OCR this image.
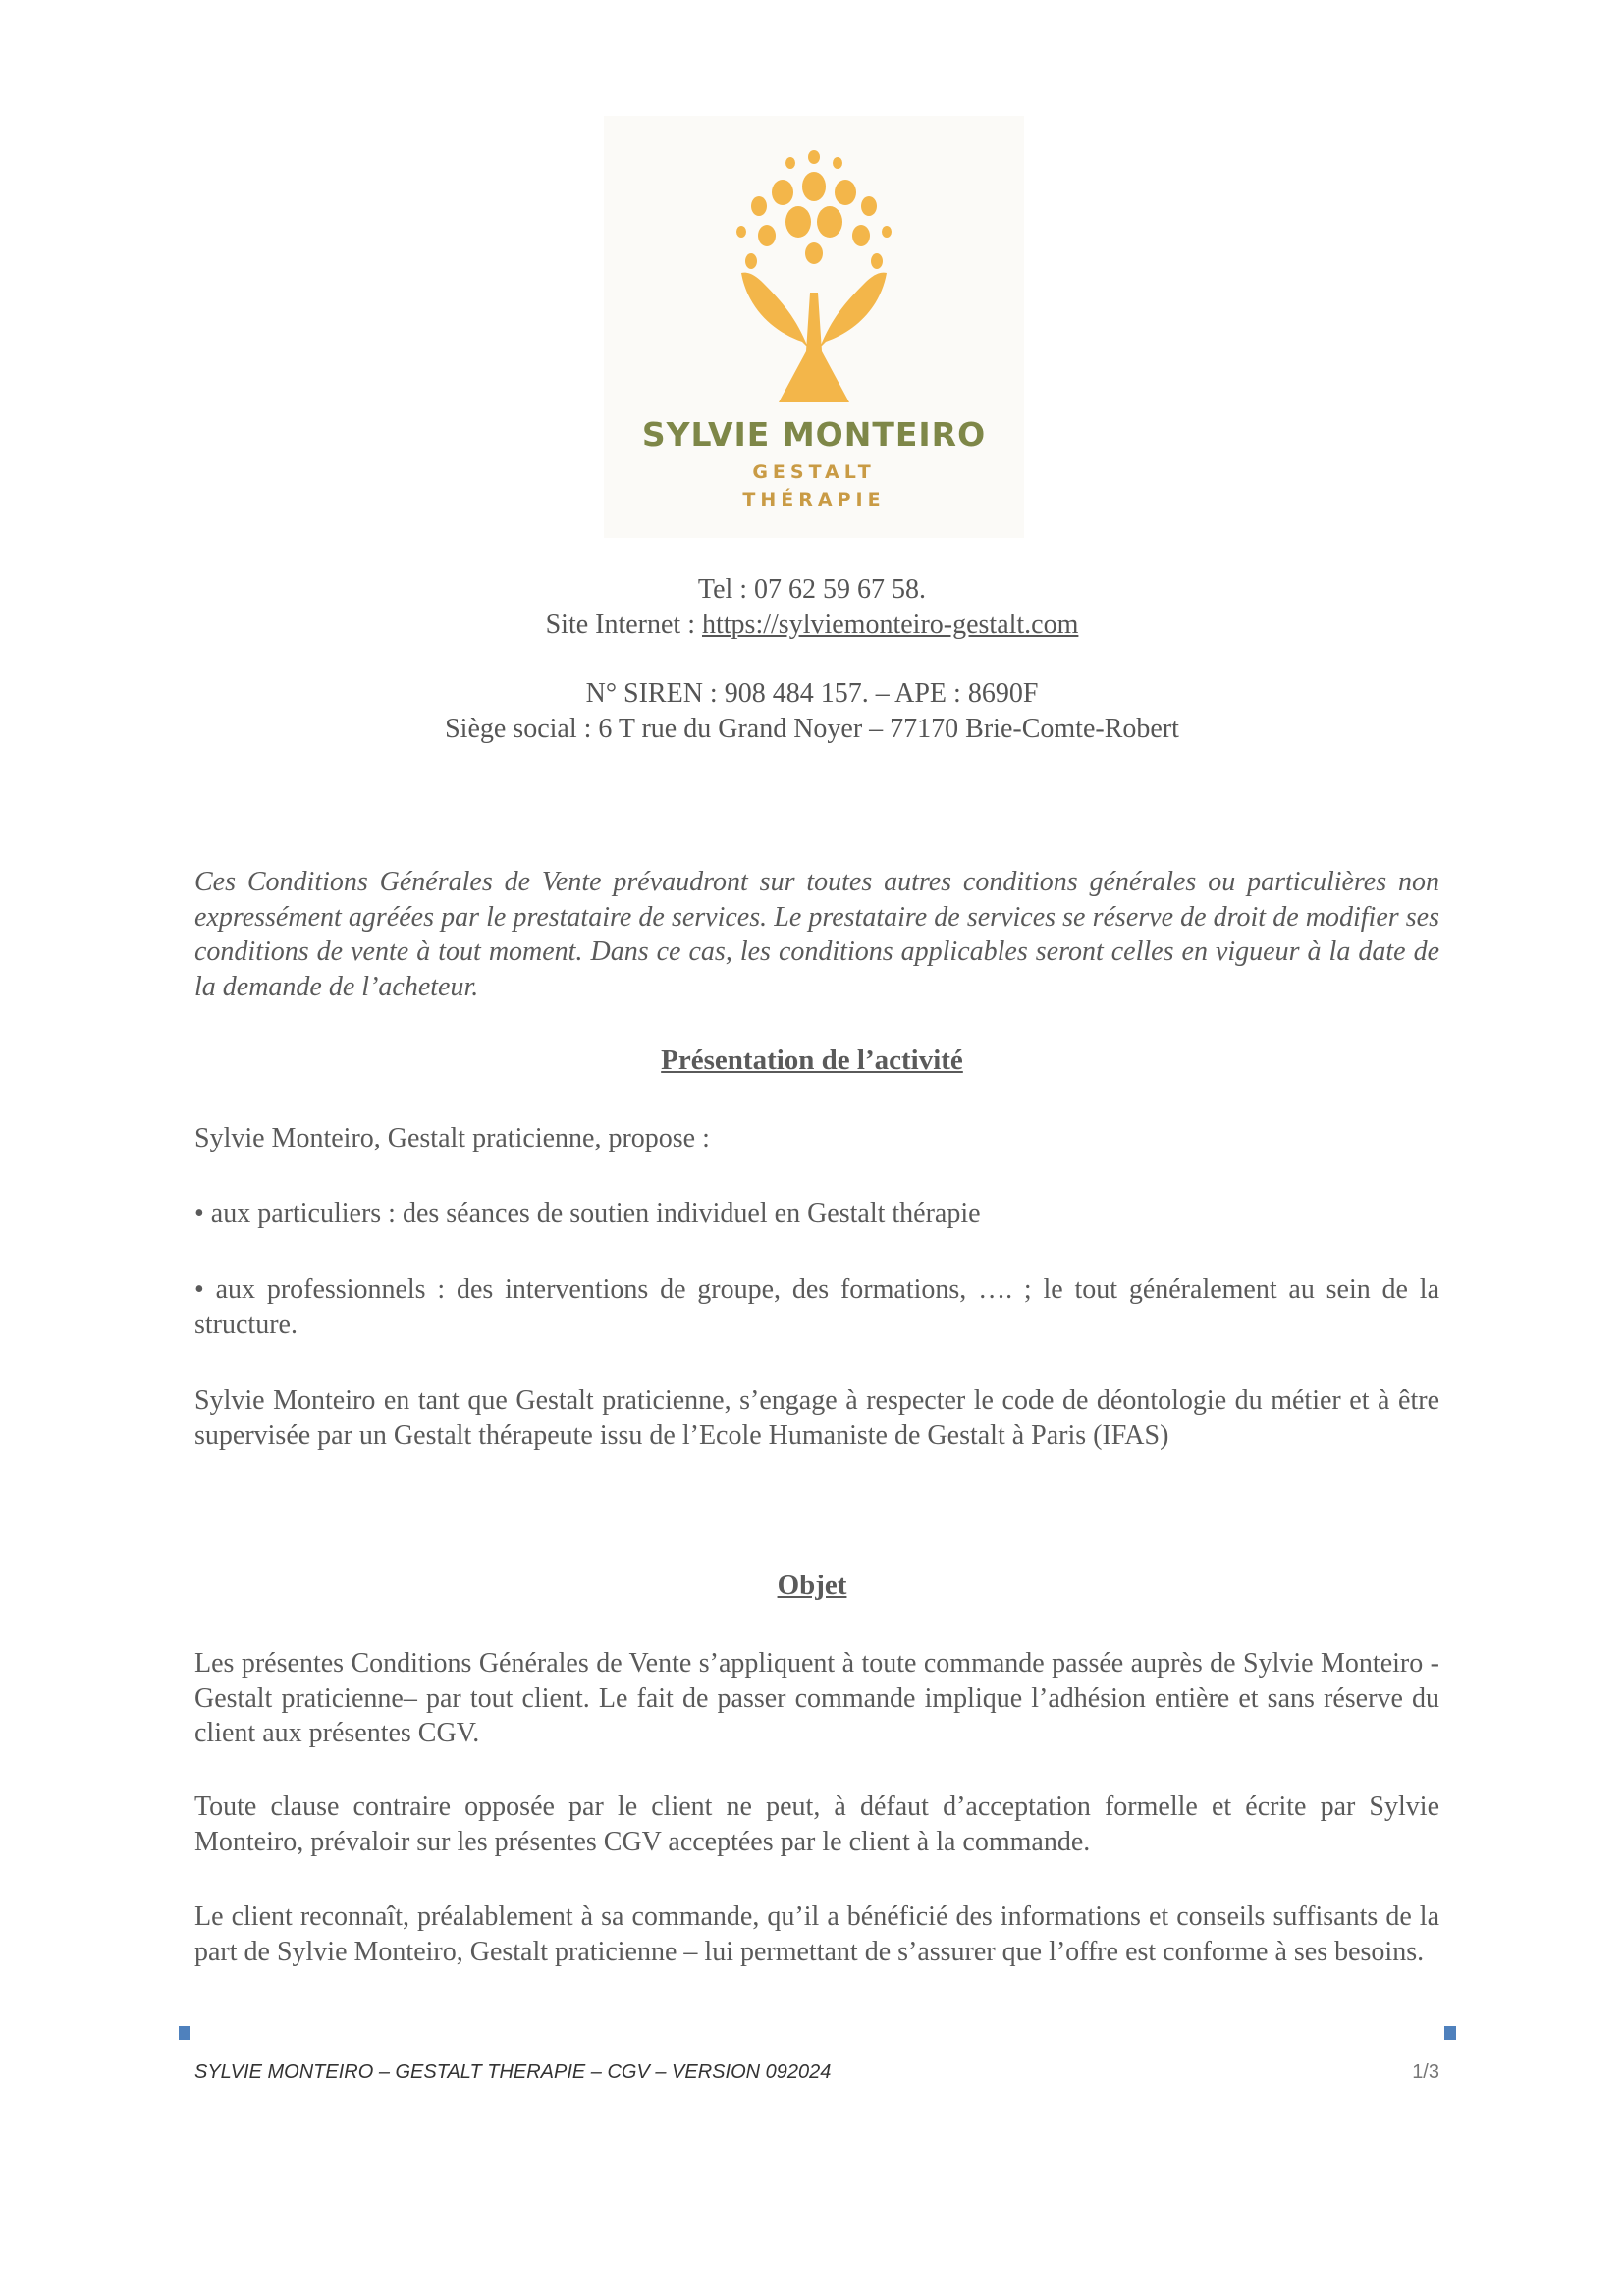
SYLVIE MONTEIRO
GESTALT
THÉRAPIE
Tel : 07 62 59 67 58.
Site Internet : https://sylviemonteiro-gestalt.com
N° SIREN : 908 484 157. – APE : 8690F
Siège social : 6 T rue du Grand Noyer – 77170 Brie-Comte-Robert

Ces Conditions Générales de Vente prévaudront sur toutes autres conditions générales ou particulières non expressément agréées par le prestataire de services. Le prestataire de services se réserve de droit de modifier ses conditions de vente à tout moment. Dans ce cas, les conditions applicables seront celles en vigueur à la date de la demande de l’acheteur.

Présentation de l’activité

Sylvie Monteiro, Gestalt praticienne, propose :

• aux particuliers : des séances de soutien individuel en Gestalt thérapie

• aux professionnels : des interventions de groupe, des formations, …. ; le tout généralement au sein de la structure.

Sylvie Monteiro en tant que Gestalt praticienne, s’engage à respecter le code de déontologie du métier et à être supervisée par un Gestalt thérapeute issu de l’Ecole Humaniste de Gestalt à Paris (IFAS)

Objet

Les présentes Conditions Générales de Vente s’appliquent à toute commande passée auprès de Sylvie Monteiro - Gestalt praticienne– par tout client. Le fait de passer commande implique l’adhésion entière et sans réserve du client aux présentes CGV.

Toute clause contraire opposée par le client ne peut, à défaut d’acceptation formelle et écrite par Sylvie Monteiro, prévaloir sur les présentes CGV acceptées par le client à la commande.

Le client reconnaît, préalablement à sa commande, qu’il a bénéficié des informations et conseils suffisants de la part de Sylvie Monteiro, Gestalt praticienne – lui permettant de s’assurer que l’offre est conforme à ses besoins.

SYLVIE MONTEIRO – GESTALT THERAPIE – CGV – VERSION 092024	1/3
